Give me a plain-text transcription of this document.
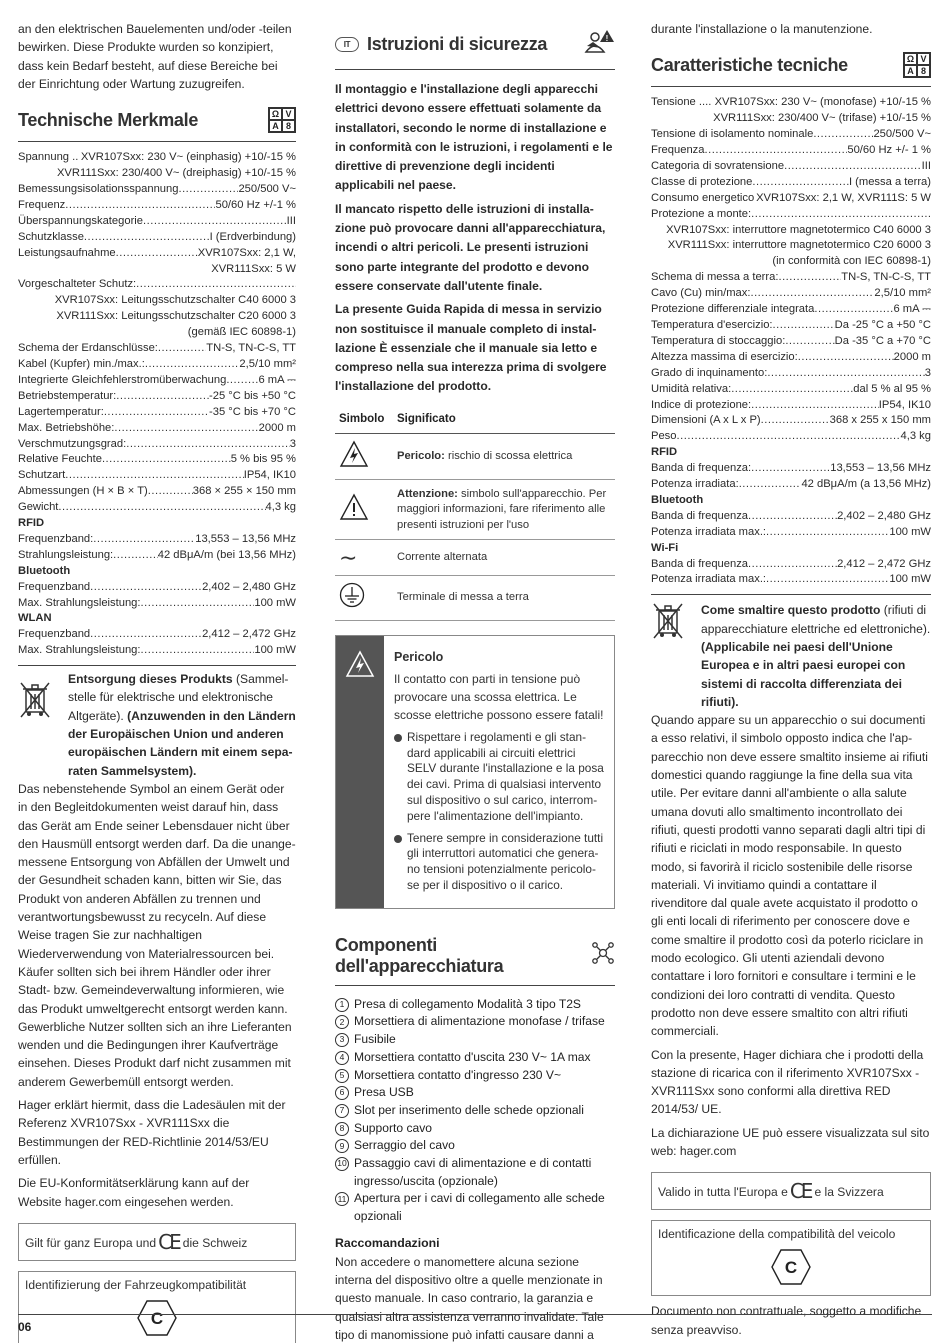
an den elektrischen Bauelementen und/oder -teilen bewirken. Diese Produkte wurden so konzipiert, dass kein Bedarf besteht, auf diese Bereiche bei der Einrichtung oder Wartung zuzugreifen.

Technische Merkmale	Ω V
A 8
Spannung .. XVR107Sxx: 230 V~ (einphasig) +10/-15 %
XVR111Sxx: 230/400 V~ (dreiphasig) +10/-15 %
Bemessungsisolationsspannung .....	250/500 V~
Frequenz .....	50/60 Hz +/-1 %
Überspannungskategorie .....	III
Schutzklasse .....	I (Erdverbindung)
Leistungsaufnahme .....	XVR107Sxx: 2,1 W,
XVR111Sxx: 5 W
Vorgeschalteter Schutz:
.....
XVR107Sxx: Leitungsschutzschalter C40 6000 3
XVR111Sxx: Leitungsschutzschalter C20 6000 3
(gemäß IEC 60898-1)
Schema der Erdanschlüsse: .....	TN-S, TN-C-S, TT
Kabel (Kupfer) min./max.: .....	2,5/10 mm²
Integrierte Gleichfehlerstromüberwachung .....	6 mA ⎓
Betriebstemperatur: .....	-25 °C bis +50 °C
Lagertemperatur: .....	-35 °C bis +70 °C
Max. Betriebshöhe: .....	2000 m
Verschmutzungsgrad: .....	3
Relative Feuchte .....	5 % bis 95 %
Schutzart .....	IP54, IK10
Abmessungen (H × B × T) .....	368 × 255 × 150 mm
Gewicht .....	4,3 kg
RFID
Frequenzband: .....	13,553 – 13,56 MHz
Strahlungsleistung: .....	42 dBμA/m (bei 13,56 MHz)
Bluetooth
Frequenzband .....	2,402 – 2,480 GHz
Max. Strahlungsleistung: .....	100 mW
WLAN
Frequenzband .....	2,412 – 2,472 GHz
Max. Strahlungsleistung: .....	100 mW

Entsorgung dieses Produkts (Sammelstelle für elektrische und elektronische Altgeräte). (Anzuwenden in den Ländern der Europäischen Union und anderen europäischen Ländern mit einem separaten Sammelsystem).

Das nebenstehende Symbol an einem Gerät oder in den Begleitdokumenten weist darauf hin, dass das Gerät am Ende seiner Lebensdauer nicht über den Hausmüll entsorgt werden darf. Da die unangemessene Entsorgung von Abfällen der Umwelt und der Gesundheit schaden kann, bitten wir Sie, das Produkt von anderen Abfällen zu trennen und verantwortungsbewusst zu recyceln. Auf diese Weise tragen Sie zur nachhaltigen Wiederverwendung von Materialressourcen bei. Käufer sollten sich bei ihrem Händler oder ihrer Stadt- bzw. Gemeindeverwaltung informieren, wie das Produkt umweltgerecht entsorgt werden kann. Gewerbliche Nutzer sollten sich an ihre Lieferanten wenden und die Bedingungen ihrer Kaufverträge einsehen. Dieses Produkt darf nicht zusammen mit anderem Gewerbemüll entsorgt werden.

Hager erklärt hiermit, dass die Ladesäulen mit der Referenz XVR107Sxx - XVR111Sxx die Bestimmungen der RED-Richtlinie 2014/53/EU erfüllen.

Die EU-Konformitätserklärung kann auf der Website hager.com eingesehen werden.

Gilt für ganz Europa und CE die Schweiz
Identifizierung der Fahrzeugkompatibilität
C

IT Istruzioni di sicurezza	!

Il montaggio e l'installazione degli apparecchi elettrici devono essere effettuati solamente da installatori, secondo le norme di installazione e in conformità con le istruzioni, i regolamenti e le direttive di prevenzione degli incidenti applicabili nel paese.

Il mancato rispetto delle istruzioni di installazione può provocare danni all'apparecchiatura, incendi o altri pericoli. Le presenti istruzioni sono parte integrante del prodotto e devono essere conservate dall'utente finale.

La presente Guida Rapida di messa in servizio non sostituisce il manuale completo di installazione È essenziale che il manuale sia letto e compreso nella sua interezza prima di svolgere l'installazione del prodotto.

Simbolo	Significato
	Pericolo: rischio di scossa elettrica
	Attenzione: simbolo sull'apparecchio. Per maggiori informazioni, fare riferimento alle presenti istruzioni per l'uso
∼	Corrente alternata
	Terminale di messa a terra
Pericolo
Il contatto con parti in tensione può provocare una scossa elettrica. Le scosse elettriche possono essere fatali!
Rispettare i regolamenti e gli standard applicabili ai circuiti elettrici SELV durante l'installazione e la posa dei cavi. Prima di qualsiasi intervento sul dispositivo o sul carico, interrompere l'alimentazione dell'impianto.
Tenere sempre in considerazione tutti gli interruttori automatici che generano tensioni potenzialmente pericolose per il dispositivo o il carico.
Componenti dell'apparecchiatura
1 Presa di collegamento Modalità 3 tipo T2S
2 Morsettiera di alimentazione monofase / trifase
3 Fusibile
4 Morsettiera contatto d'uscita 230 V~ 1A max
5 Morsettiera contatto d'ingresso 230 V~
6 Presa USB
7 Slot per inserimento delle schede opzionali
8 Supporto cavo
9 Serraggio del cavo
10 Passaggio cavi di alimentazione e di contatti ingresso/uscita (opzionale)
11 Apertura per i cavi di collegamento alle schede opzionali
Raccomandazioni

Non accedere o manomettere alcuna sezione interna del dispositivo oltre a quelle menzionate in questo manuale. In caso contrario, la garanzia e qualsiasi altra assistenza verranno invalidate. Tale tipo di manomissione può infatti causare danni a

durante l'installazione o la manutenzione.

Caratteristiche tecniche	Ω V
A 8
Tensione .... XVR107Sxx: 230 V~ (monofase) +10/-15 %
XVR111Sxx: 230/400 V~ (trifase) +10/-15 %
Tensione di isolamento nominale .....	250/500 V~
Frequenza .....	50/60 Hz +/- 1 %
Categoria di sovratensione .....	III
Classe di protezione .....	I (messa a terra)
Consumo energetico XVR107Sxx: 2,1 W, XVR111S: 5 W
Protezione a monte:
.....
XVR107Sxx: interruttore magnetotermico C40 6000 3
XVR111Sxx: interruttore magnetotermico C20 6000 3
(in conformità con IEC 60898-1)
Schema di messa a terra: .....	TN-S, TN-C-S, TT
Cavo (Cu) min/max: .....	2,5/10 mm²
Protezione differenziale integrata .....	6 mA ⎓
Temperatura d'esercizio: .....	Da -25 °C a +50 °C
Temperatura di stoccaggio: .....	Da -35 °C a +70 °C
Altezza massima di esercizio: .....	2000 m
Grado di inquinamento: .....	3
Umidità relativa: .....	dal 5 % al 95 %
Indice di protezione: .....	IP54, IK10
Dimensioni (A x L x P) .....	368 x 255 x 150 mm
Peso .....	4,3 kg
RFID
Banda di frequenza: .....	13,553 – 13,56 MHz
Potenza irradiata: .....	42 dBμA/m (a 13,56 MHz)
Bluetooth
Banda di frequenza .....	2,402 – 2,480 GHz
Potenza irradiata max.: .....	100 mW
Wi-Fi
Banda di frequenza .....	2,412 – 2,472 GHz
Potenza irradiata max.: .....	100 mW

Come smaltire questo prodotto (rifiuti di apparecchiature elettriche ed elettroniche). (Applicabile nei paesi dell'Unione Europea e in altri paesi europei con sistemi di raccolta differenziata dei rifiuti).

Quando appare su un apparecchio o sui documenti a esso relativi, il simbolo opposto indica che l'apparecchio non deve essere smaltito insieme ai rifiuti domestici quando raggiunge la fine della sua vita utile. Per evitare danni all'ambiente o alla salute umana dovuti allo smaltimento incontrollato dei rifiuti, questi prodotti vanno separati dagli altri tipi di rifiuti e riciclati in modo responsabile. In questo modo, si favorirà il riciclo sostenibile delle risorse materiali. Vi invitiamo quindi a contattare il rivenditore dal quale avete acquistato il prodotto o gli enti locali di riferimento per conoscere dove e come smaltire il prodotto così da poterlo riciclare in modo ecologico. Gli utenti aziendali devono contattare i loro fornitori e consultare i termini e le condizioni dei loro contratti di vendita. Questo prodotto non deve essere smaltito con altri rifiuti commerciali.

Con la presente, Hager dichiara che i prodotti della stazione di ricarica con il riferimento XVR107Sxx - XVR111Sxx sono conformi alla direttiva RED 2014/53/ UE.

La dichiarazione UE può essere visualizzata sul sito web: hager.com

Valido in tutta l'Europa e CE e la Svizzera
Identificazione della compatibilità del veicolo
C

Documento non contrattuale, soggetto a modifiche senza preavviso.

06
